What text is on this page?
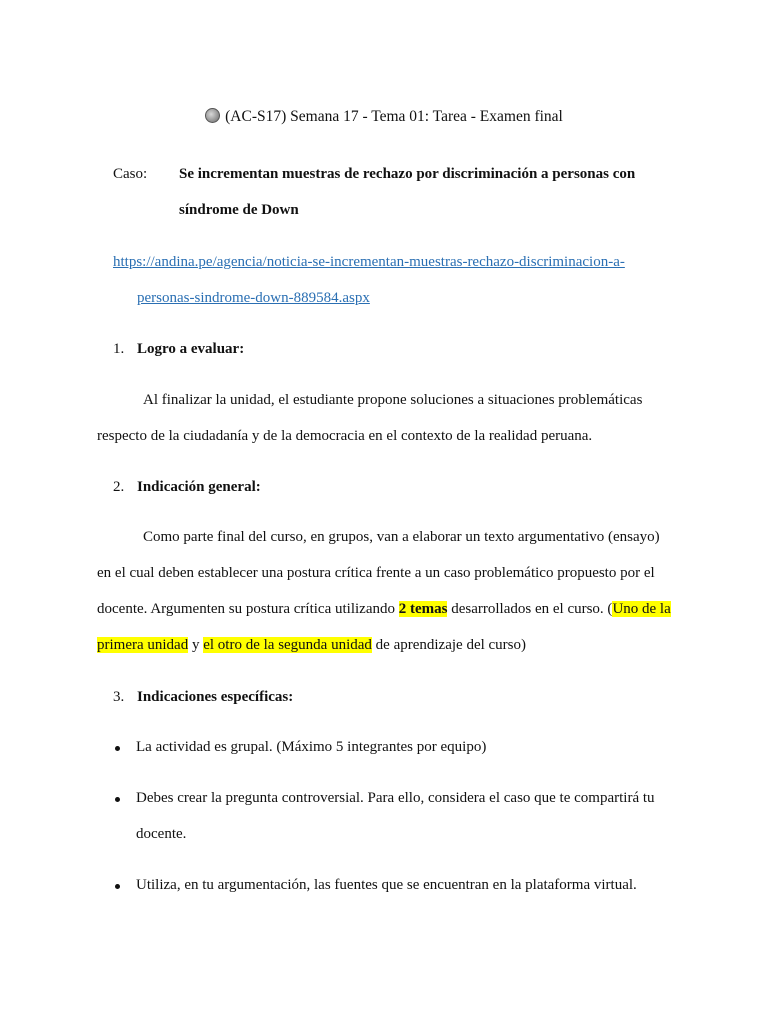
(AC-S17) Semana 17 - Tema 01: Tarea - Examen final
Caso: Se incrementan muestras de rechazo por discriminación a personas con
síndrome de Down
https://andina.pe/agencia/noticia-se-incrementan-muestras-rechazo-discriminacion-a-
personas-sindrome-down-889584.aspx
1. Logro a evaluar:
Al finalizar la unidad, el estudiante propone soluciones a situaciones problemáticas
respecto de la ciudadanía y de la democracia en el contexto de la realidad peruana.
2. Indicación general:
Como parte final del curso, en grupos, van a elaborar un texto argumentativo (ensayo)
en el cual deben establecer una postura crítica frente a un caso problemático propuesto por el
docente. Argumenten su postura crítica utilizando 2 temas desarrollados en el curso. (Uno de la
primera unidad y el otro de la segunda unidad de aprendizaje del curso)
3. Indicaciones específicas:
La actividad es grupal. (Máximo 5 integrantes por equipo)
Debes crear la pregunta controversial. Para ello, considera el caso que te compartirá tu
docente.
Utiliza, en tu argumentación, las fuentes que se encuentran en la plataforma virtual.
